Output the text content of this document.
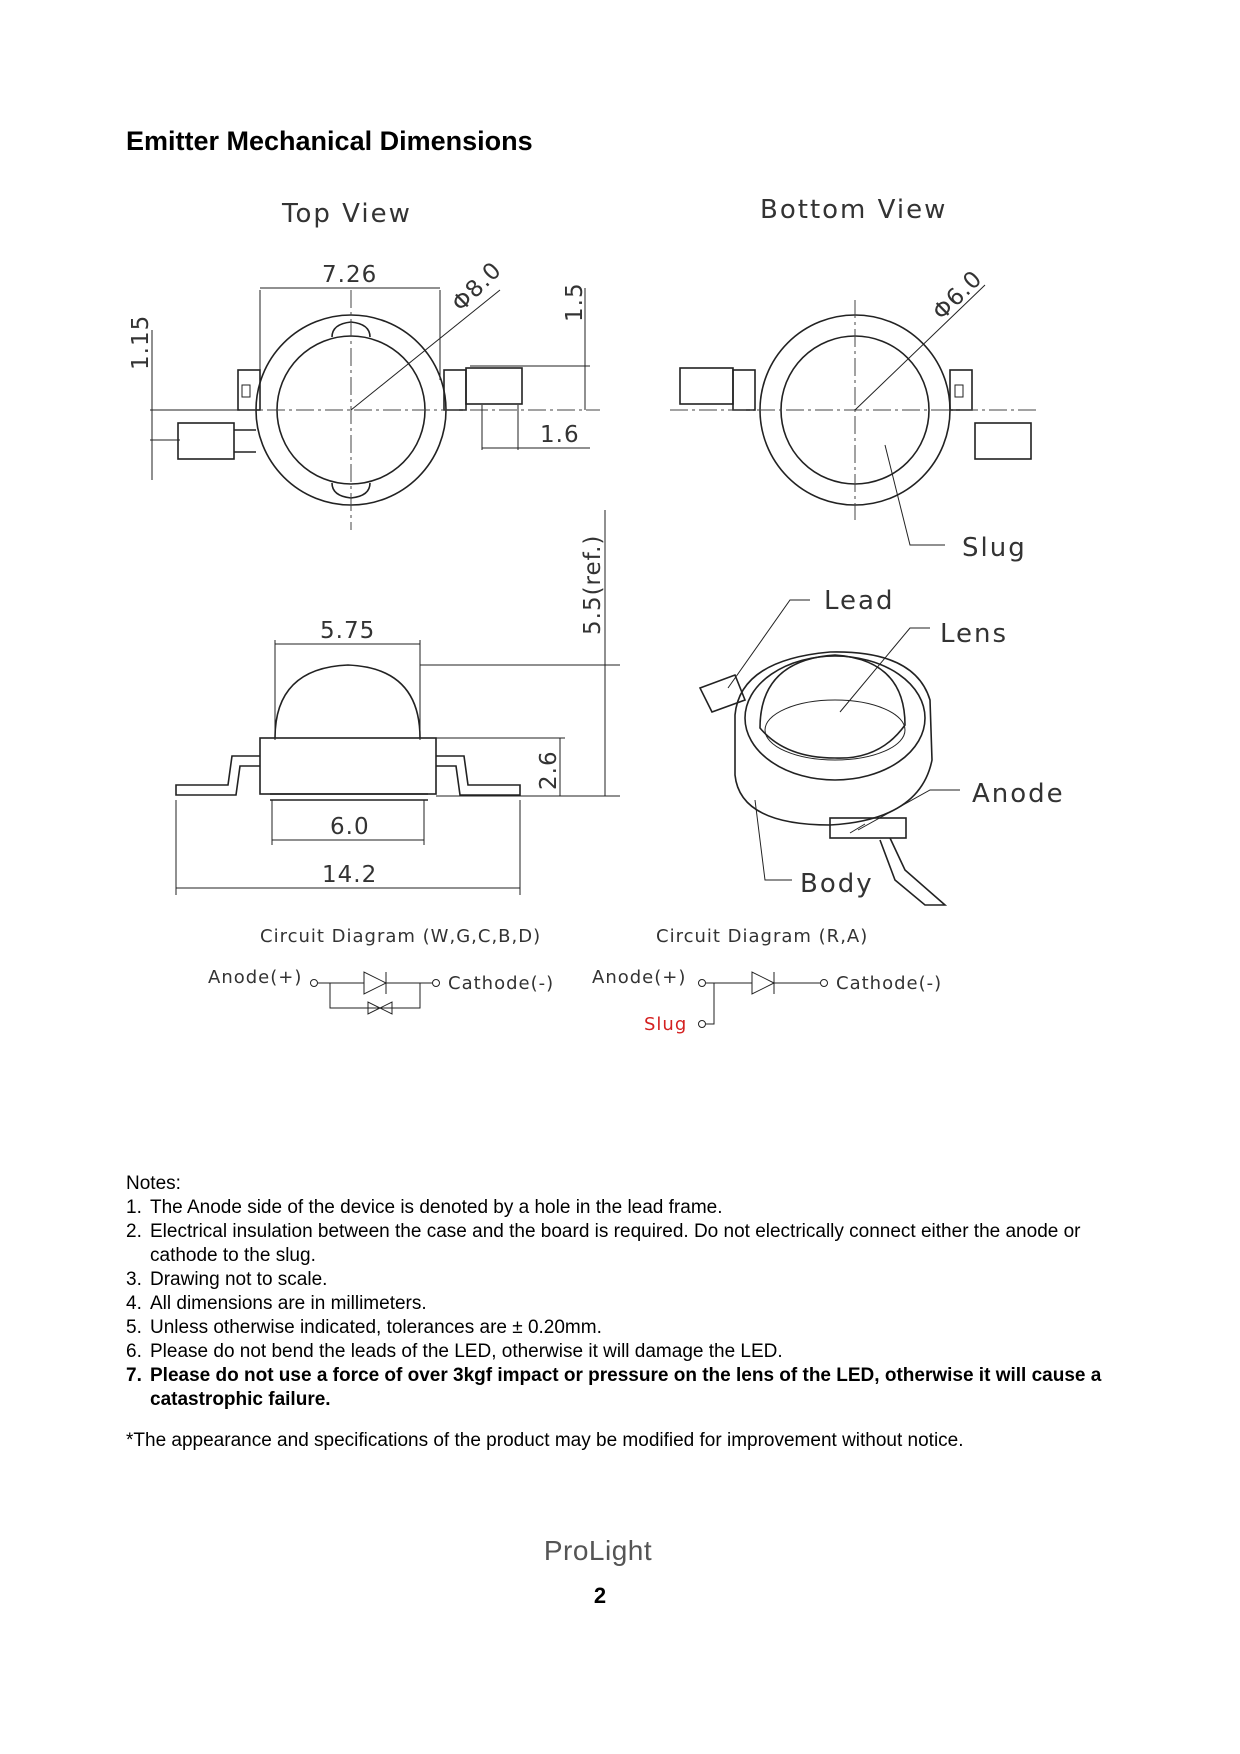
Emitter Mechanical Dimensions
Top View
Φ8.0
7.26
1.15
1.5
1.6
Bottom View
Φ6.0
Slug
5.75
6.0
14.2
2.6
5.5(ref.)	Lead
Lens
Anode
Body
Circuit Diagram (W,G,C,B,D)
Anode(+)	Cathode(-)
Circuit Diagram (R,A)
Anode(+)	Cathode(-)
Slug
Notes:
1. The Anode side of the device is denoted by a hole in the lead frame.
2. Electrical insulation between the case and the board is required. Do not electrically connect either the anode or cathode to the slug.
3. Drawing not to scale.
4. All dimensions are in millimeters.
5. Unless otherwise indicated, tolerances are ± 0.20mm.
6. Please do not bend the leads of the LED, otherwise it will damage the LED.
7. Please do not use a force of over 3kgf impact or pressure on the lens of the LED, otherwise it will cause a catastrophic failure.
*The appearance and specifications of the product may be modified for improvement without notice.
ProLight
2
